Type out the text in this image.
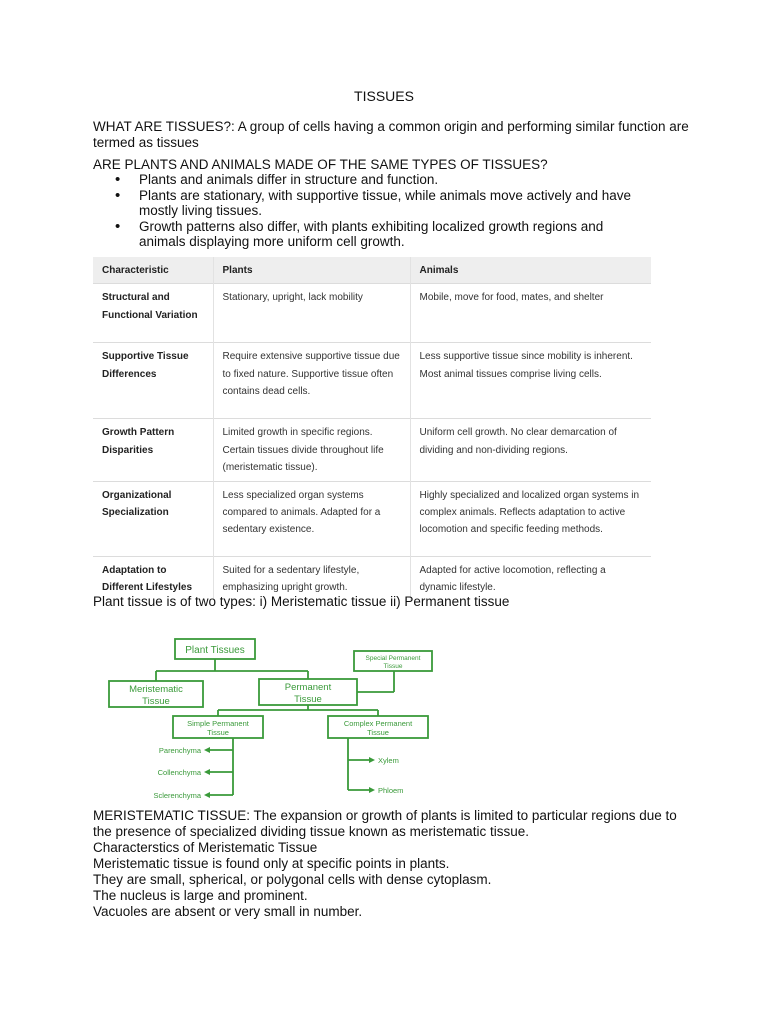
TISSUES
WHAT ARE TISSUES?: A group of cells having a common origin and performing similar function are termed as tissues
ARE PLANTS AND ANIMALS MADE OF THE SAME TYPES OF TISSUES?
• Plants and animals differ in structure and function.
• Plants are stationary, with supportive tissue, while animals move actively and have mostly living tissues.
• Growth patterns also differ, with plants exhibiting localized growth regions and animals displaying more uniform cell growth.
Characteristic	Plants	Animals
Structural and Functional Variation	Stationary, upright, lack mobility	Mobile, move for food, mates, and shelter
Supportive Tissue Differences	Require extensive supportive tissue due to fixed nature. Supportive tissue often contains dead cells.	Less supportive tissue since mobility is inherent. Most animal tissues comprise living cells.
Growth Pattern Disparities	Limited growth in specific regions. Certain tissues divide throughout life (meristematic tissue).	Uniform cell growth. No clear demarcation of dividing and non-dividing regions.
Organizational Specialization	Less specialized organ systems compared to animals. Adapted for a sedentary existence.	Highly specialized and localized organ systems in complex animals. Reflects adaptation to active locomotion and specific feeding methods.
Adaptation to Different Lifestyles	Suited for a sedentary lifestyle, emphasizing upright growth.	Adapted for active locomotion, reflecting a dynamic lifestyle.
Plant tissue is of two types: i) Meristematic tissue ii) Permanent tissue
Plant Tissues
Meristematic
Tissue
Permanent
Tissue
Special Permanent
Tissue
Simple Permanent
Tissue
Complex Permanent
Tissue
Parenchyma
Collenchyma
Sclerenchyma
Xylem
Phloem
MERISTEMATIC TISSUE: The expansion or growth of plants is limited to particular regions due to the presence of specialized dividing tissue known as meristematic tissue.
Characterstics of Meristematic Tissue
Meristematic tissue is found only at specific points in plants.
They are small, spherical, or polygonal cells with dense cytoplasm.
The nucleus is large and prominent.
Vacuoles are absent or very small in number.
